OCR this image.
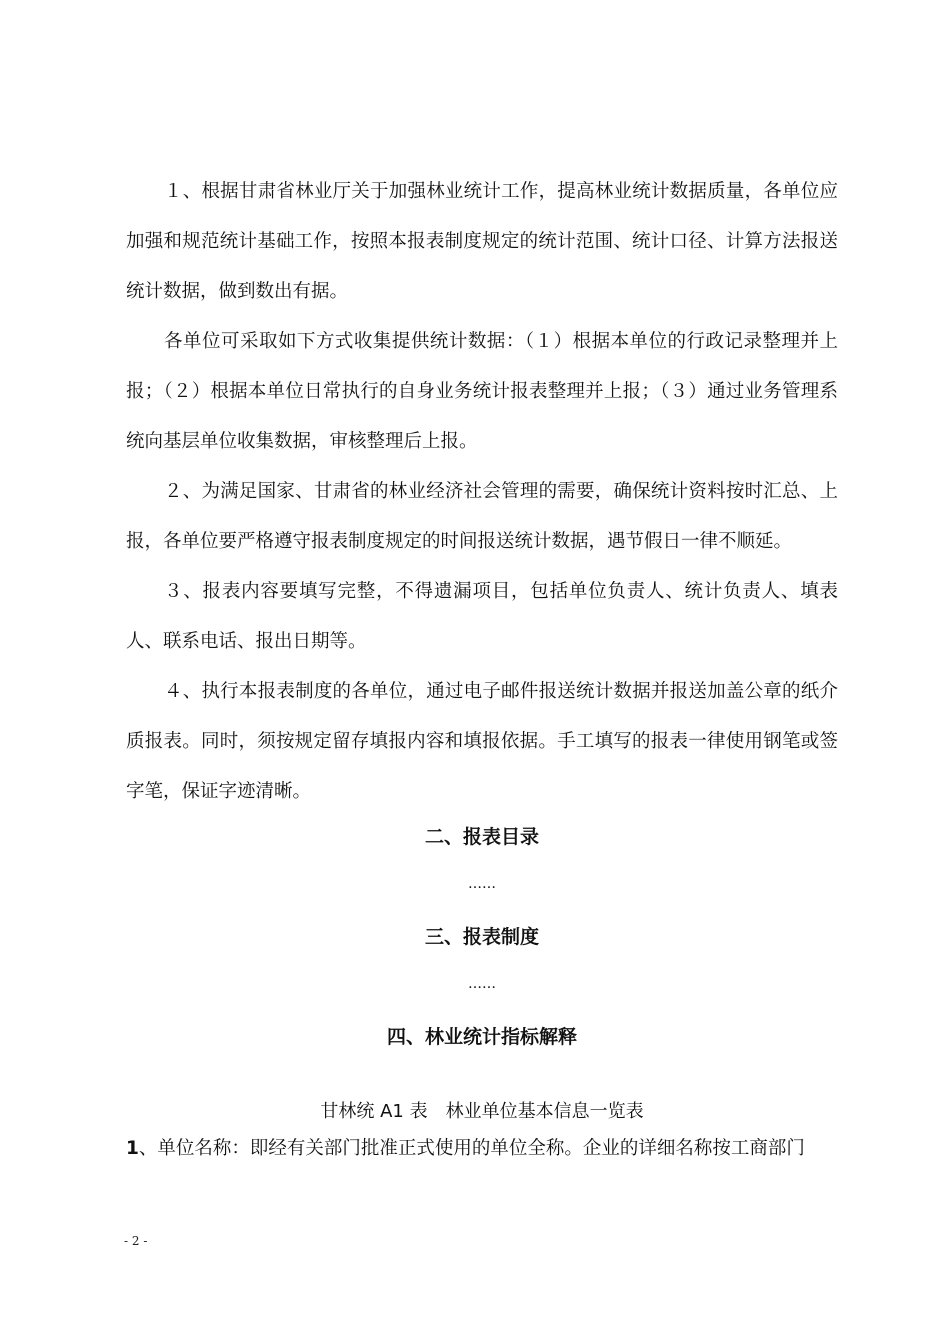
１、根据甘肃省林业厅关于加强林业统计工作，提高林业统计数据质量，各单位应加强和规范统计基础工作，按照本报表制度规定的统计范围、统计口径、计算方法报送统计数据，做到数出有据。

各单位可采取如下方式收集提供统计数据：（１）根据本单位的行政记录整理并上报；（２）根据本单位日常执行的自身业务统计报表整理并上报；（３）通过业务管理系统向基层单位收集数据，审核整理后上报。

２、为满足国家、甘肃省的林业经济社会管理的需要，确保统计资料按时汇总、上报，各单位要严格遵守报表制度规定的时间报送统计数据，遇节假日一律不顺延。

３、报表内容要填写完整，不得遗漏项目，包括单位负责人、统计负责人、填表人、联系电话、报出日期等。

４、执行本报表制度的各单位，通过电子邮件报送统计数据并报送加盖公章的纸介质报表。同时，须按规定留存填报内容和填报依据。手工填写的报表一律使用钢笔或签字笔，保证字迹清晰。

二、报表目录

……

三、报表制度

……

四、林业统计指标解释

甘林统 A1 表　林业单位基本信息一览表

1、单位名称：即经有关部门批准正式使用的单位全称。企业的详细名称按工商部门

- 2 -
